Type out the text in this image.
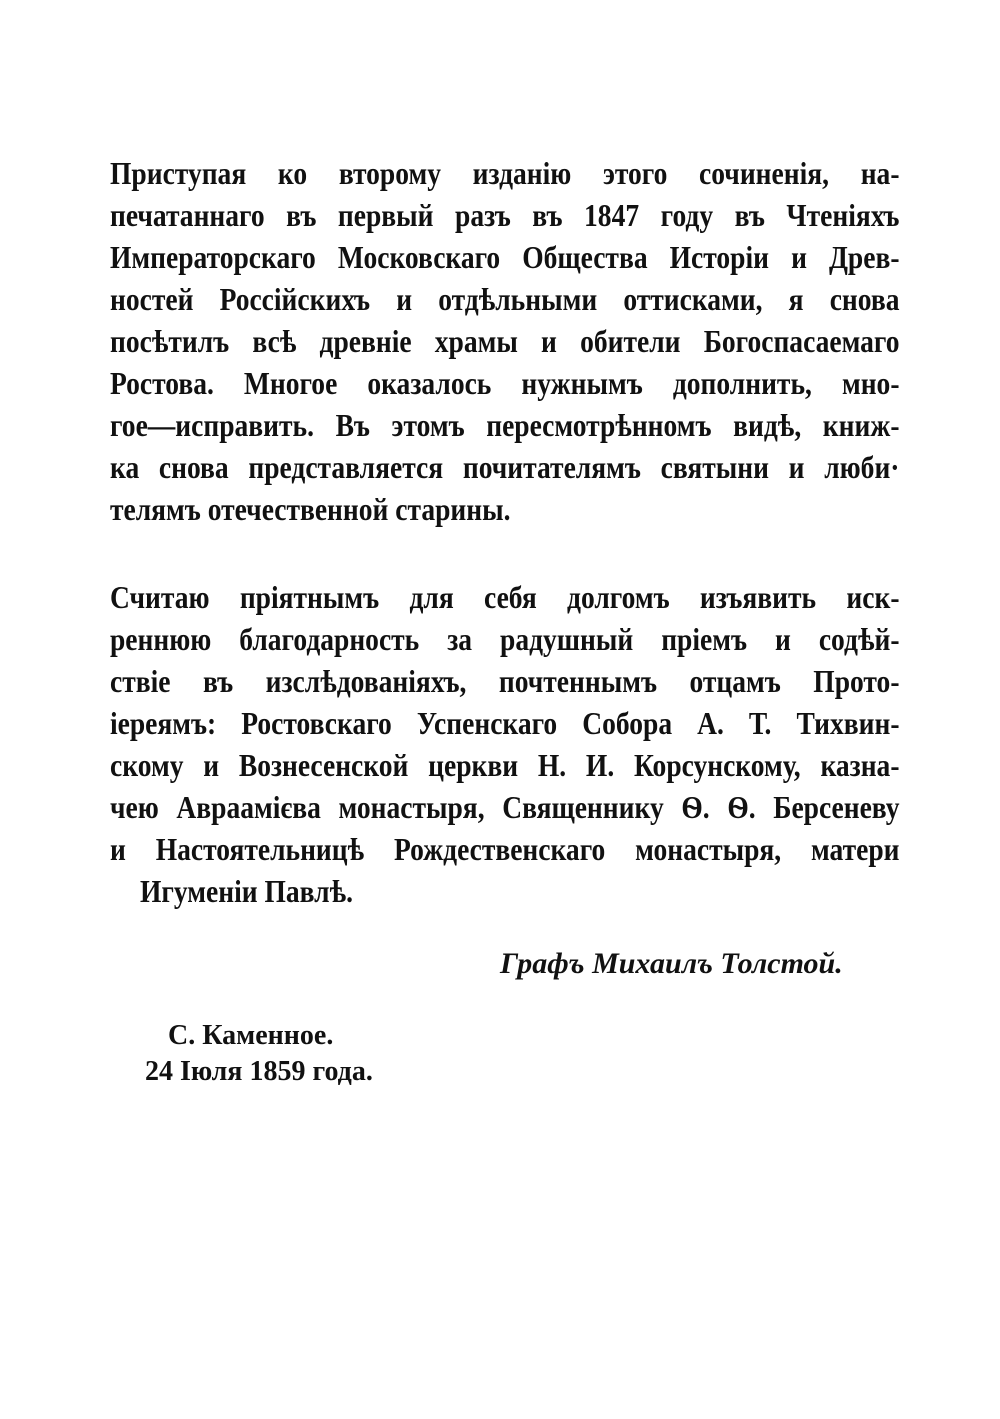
Приступая ко второму изданію этого сочиненія, на-

печатаннаго въ первый разъ въ 1847 году въ Чтеніяхъ

Императорскаго Московскаго Общества Исторіи и Древ-

ностей Россійскихъ и отдѣльными оттисками, я снова

посѣтилъ всѣ древніе храмы и обители Богоспасаемаго

Ростова. Многое оказалось нужнымъ дополнить, мно-

гое—исправить. Въ этомъ пересмотрѣнномъ видѣ, книж-

ка снова представляется почитателямъ святыни и люби·

телямъ отечественной старины.

Считаю пріятнымъ для себя долгомъ изъявить иск-

реннюю благодарность за радушный пріемъ и содѣй-

ствіе въ изслѣдованіяхъ, почтеннымъ отцамъ Прото-

іереямъ: Ростовскаго Успенскаго Собора А. Т. Тихвин-

скому и Вознесенской церкви Н. И. Корсунскому, казна-

чею Авраамієва монастыря, Священнику Ѳ. Ѳ. Берсеневу

и Настоятельницѣ Рождественскаго монастыря, матери

Игуменіи Павлѣ.

Графъ Михаилъ Толстой.
С. Каменное.
24 Іюля 1859 года.
